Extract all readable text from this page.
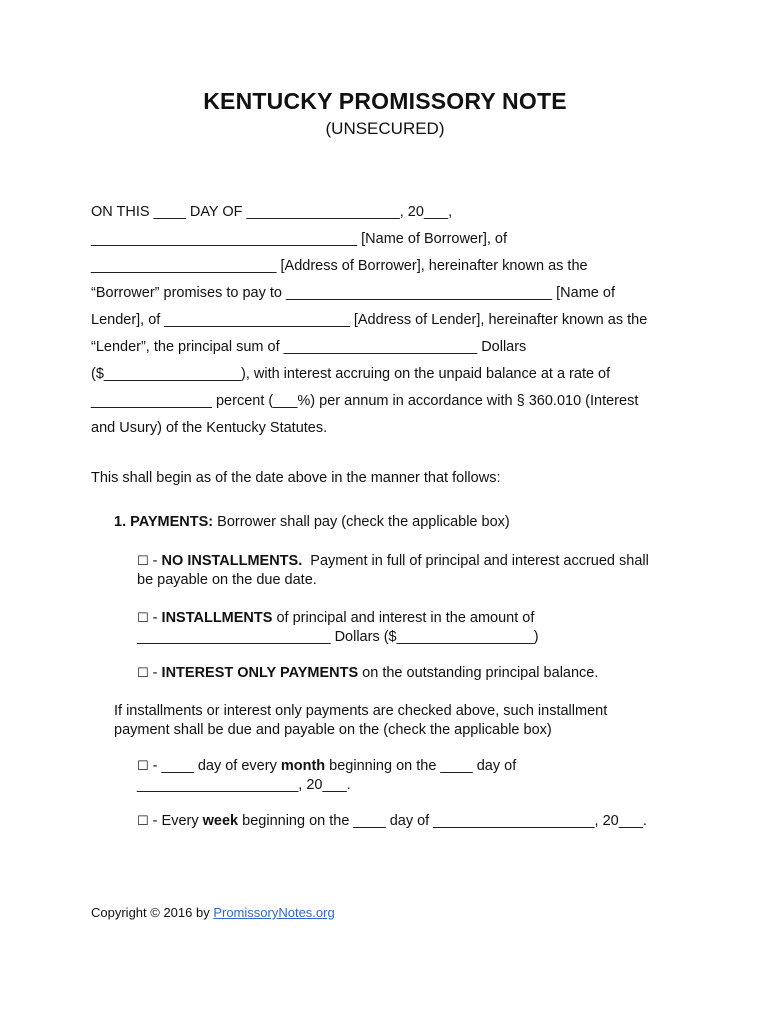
KENTUCKY PROMISSORY NOTE
(UNSECURED)
ON THIS ____ DAY OF ___________________, 20___,
_________________________________ [Name of Borrower], of
_______________________ [Address of Borrower], hereinafter known as the
“Borrower” promises to pay to _________________________________ [Name of
Lender], of _______________________ [Address of Lender], hereinafter known as the
“Lender”, the principal sum of ________________________ Dollars
($_________________), with interest accruing on the unpaid balance at a rate of
_______________ percent (___%) per annum in accordance with § 360.010 (Interest
and Usury) of the Kentucky Statutes.
This shall begin as of the date above in the manner that follows:
1. PAYMENTS: Borrower shall pay (check the applicable box)
☐ - NO INSTALLMENTS.  Payment in full of principal and interest accrued shall
be payable on the due date.
☐ - INSTALLMENTS of principal and interest in the amount of
________________________ Dollars ($_________________)
☐ - INTEREST ONLY PAYMENTS on the outstanding principal balance.
If installments or interest only payments are checked above, such installment
payment shall be due and payable on the (check the applicable box)
☐ - ____ day of every month beginning on the ____ day of
____________________, 20___.
☐ - Every week beginning on the ____ day of ____________________, 20___.
Copyright © 2016 by PromissoryNotes.org
